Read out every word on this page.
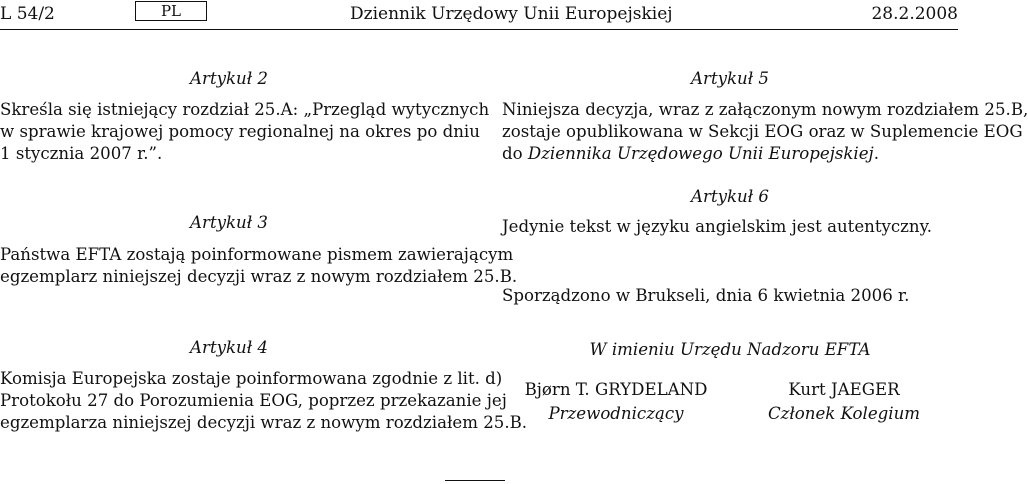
L 54/2	PL	Dziennik Urzędowy Unii Europejskiej	28.2.2008
Artykuł 2
Skreśla się istniejący rozdział 25.A: „Przegląd wytycznych
w sprawie krajowej pomocy regionalnej na okres po dniu
1 stycznia 2007 r.”.
Artykuł 3
Państwa EFTA zostają poinformowane pismem zawierającym
egzemplarz niniejszej decyzji wraz z nowym rozdziałem 25.B.
Artykuł 4
Komisja Europejska zostaje poinformowana zgodnie z lit. d)
Protokołu 27 do Porozumienia EOG, poprzez przekazanie jej
egzemplarza niniejszej decyzji wraz z nowym rozdziałem 25.B.
Artykuł 5
Niniejsza decyzja, wraz z załączonym nowym rozdziałem 25.B,
zostaje opublikowana w Sekcji EOG oraz w Suplemencie EOG
do Dziennika Urzędowego Unii Europejskiej.
Artykuł 6
Jedynie tekst w języku angielskim jest autentyczny.
Sporządzono w Brukseli, dnia 6 kwietnia 2006 r.
W imieniu Urzędu Nadzoru EFTA
Bjørn T. GRYDELAND
Przewodniczący
Kurt JAEGER
Członek Kolegium
